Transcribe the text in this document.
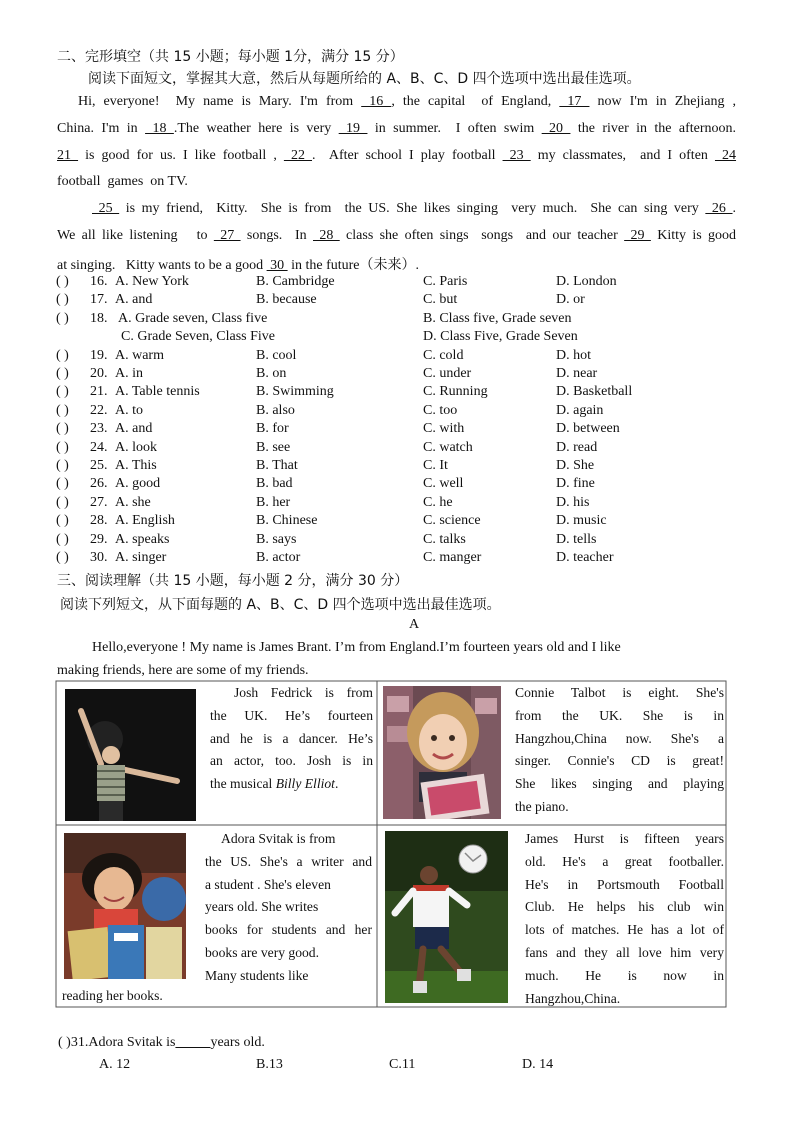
二、完形填空（共 15 小题；每小题 1分，满分 15 分）
阅读下面短文，掌握其大意，然后从每题所给的 A、B、C、D 四个选项中选出最佳选项。
Hi, everyone!  My name is Mary. I'm from  16 , the capital  of England,  17  now I'm in Zhejiang ,
China. I'm in  18 .The weather here is very  19  in summer.  I often swim  20  the river in the afternoon.
21  is good for us. I like football ,  22 .  After school I play football  23  my classmates,  and I often  24
football  games  on TV.
25  is my friend,  Kitty.  She is from  the US. She likes singing  very much.  She can sing very  26 .
We all like listening   to  27  songs.  In  28  class she often sings  songs  and our teacher  29  Kitty is good
at singing.   Kitty wants to be a good  30  in the future（未来）.
( ) 16. A. New York	B. Cambridge	C. Paris	D. London
( ) 17. A. and	B. because	C. but	D. or
( ) 18. A. Grade seven, Class five	B. Class five, Grade seven
C. Grade Seven, Class Five	D. Class Five, Grade Seven
( ) 19. A. warm	B. cool	C. cold	D. hot
( ) 20. A. in	B. on	C. under	D. near
( ) 21. A. Table tennis	B. Swimming	C. Running	D. Basketball
( ) 22. A. to	B. also	C. too	D. again
( ) 23. A. and	B. for	C. with	D. between
( ) 24. A. look	B. see	C. watch	D. read
( ) 25. A. This	B. That	C. It	D. She
( ) 26. A. good	B. bad	C. well	D. fine
( ) 27. A. she	B. her	C. he	D. his
( ) 28. A. English	B. Chinese	C. science	D. music
( ) 29. A. speaks	B. says	C. talks	D. tells
( ) 30. A. singer	B. actor	C. manger	D. teacher
三、阅读理解（共 15 小题，每小题 2 分，满分 30 分）
阅读下列短文，从下面每题的 A、B、C、D 四个选项中选出最佳选项。
A
Hello,everyone ! My name is James Brant. I’m from England.I’m fourteen years old and I like
making friends, here are some of my friends.
Josh Fedrick is from
the UK. He’s fourteen
and he is a dancer. He’s
an actor, too. Josh is in
the musical Billy Elliot.
Connie Talbot is eight. She's
from the UK. She is in
Hangzhou,China now. She's a
singer. Connie's CD is great!
She likes singing and playing
the piano.
Adora Svitak is from
the US. She's a writer and
a student . She's eleven
years old. She writes
books for students and her
books are very good.
Many students like
reading her books.
James Hurst is fifteen years
old. He's a great footballer.
He's in Portsmouth Football
Club. He helps his club win
lots of matches. He has a lot of
fans and they all love him very
much. He is now in
Hangzhou,China.
( )31.Adora Svitak is	years old.
A. 12	B.13	C.11	D. 14
